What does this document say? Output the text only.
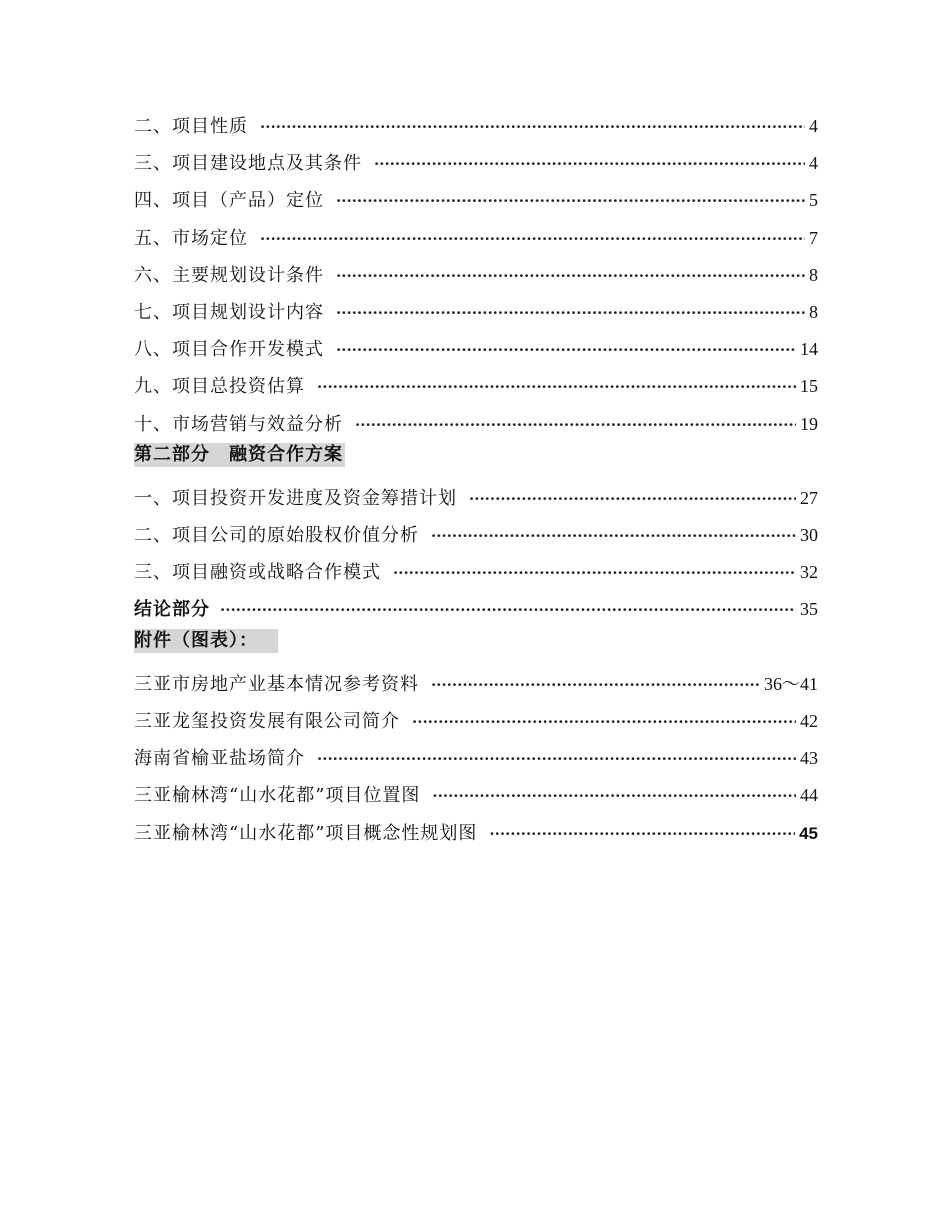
二、项目性质 ·····	4
三、项目建设地点及其条件 ·····	4
四、项目（产品）定位 ·····	5
五、市场定位 ·····	7
六、主要规划设计条件 ·····	8
七、项目规划设计内容 ·····	8
八、项目合作开发模式 ·····	14
九、项目总投资估算 ·····	15
十、市场营销与效益分析 ·····	19
第二部分　融资合作方案
一、项目投资开发进度及资金筹措计划 ·····	27
二、项目公司的原始股权价值分析 ·····	30
三、项目融资或战略合作模式 ·····	32
结论部分 ·····	35
附件（图表）：
三亚市房地产业基本情况参考资料 ·····	36～41
三亚龙玺投资发展有限公司简介 ·····	42
海南省榆亚盐场简介 ·····	43
三亚榆林湾“山水花都”项目位置图 ·····	44
三亚榆林湾“山水花都”项目概念性规划图 ·····	45
